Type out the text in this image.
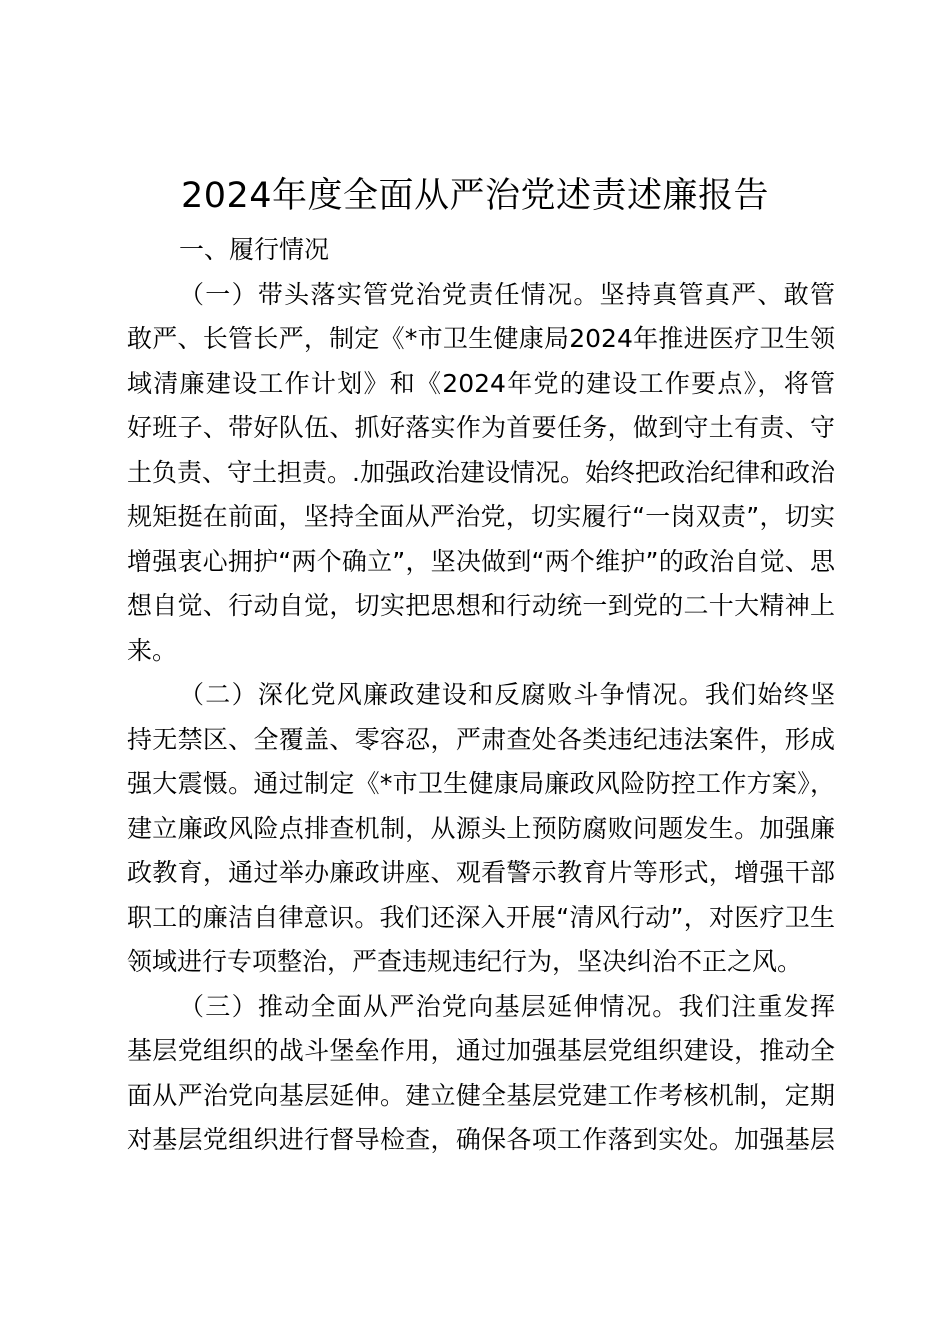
2024年度全面从严治党述责述廉报告
一、履行情况
（一）带头落实管党治党责任情况。坚持真管真严、敢管
敢严、长管长严，制定《*市卫生健康局2024年推进医疗卫生领
域清廉建设工作计划》和《2024年党的建设工作要点》，将管
好班子、带好队伍、抓好落实作为首要任务，做到守土有责、守
土负责、守土担责。.加强政治建设情况。始终把政治纪律和政治
规矩挺在前面，坚持全面从严治党，切实履行“一岗双责”，切实
增强衷心拥护“两个确立”，坚决做到“两个维护”的政治自觉、思
想自觉、行动自觉，切实把思想和行动统一到党的二十大精神上
来。
（二）深化党风廉政建设和反腐败斗争情况。我们始终坚
持无禁区、全覆盖、零容忍，严肃查处各类违纪违法案件，形成
强大震慑。通过制定《*市卫生健康局廉政风险防控工作方案》，
建立廉政风险点排查机制，从源头上预防腐败问题发生。加强廉
政教育，通过举办廉政讲座、观看警示教育片等形式，增强干部
职工的廉洁自律意识。我们还深入开展“清风行动”，对医疗卫生
领域进行专项整治，严查违规违纪行为，坚决纠治不正之风。
（三）推动全面从严治党向基层延伸情况。我们注重发挥
基层党组织的战斗堡垒作用，通过加强基层党组织建设，推动全
面从严治党向基层延伸。建立健全基层党建工作考核机制，定期
对基层党组织进行督导检查，确保各项工作落到实处。加强基层
